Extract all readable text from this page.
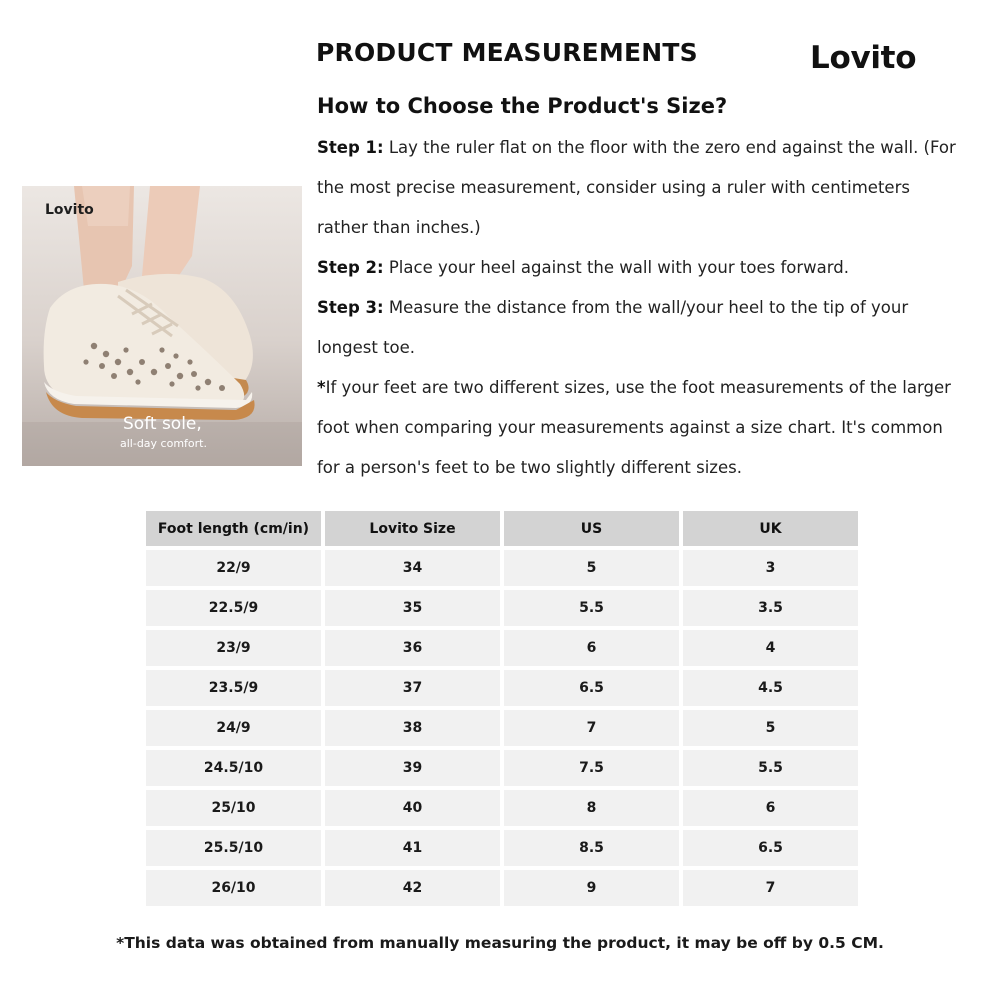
PRODUCT MEASUREMENTS	Lovito
How to Choose the Product's Size?

Step 1: Lay the ruler flat on the floor with the zero end against the wall. (For the most precise measurement, consider using a ruler with centimeters rather than inches.)

Step 2: Place your heel against the wall with your toes forward.

Step 3: Measure the distance from the wall/your heel to the tip of your longest toe.

*If your feet are two different sizes, use the foot measurements of the larger foot when comparing your measurements against a size chart. It's common for a person's feet to be two slightly different sizes.

Lovito
Soft sole,
all-day comfort.
Foot length (cm/in)	Lovito Size	US	UK
22/9	34	5	3
22.5/9	35	5.5	3.5
23/9	36	6	4
23.5/9	37	6.5	4.5
24/9	38	7	5
24.5/10	39	7.5	5.5
25/10	40	8	6
25.5/10	41	8.5	6.5
26/10	42	9	7
*This data was obtained from manually measuring the product, it may be off by 0.5 CM.
